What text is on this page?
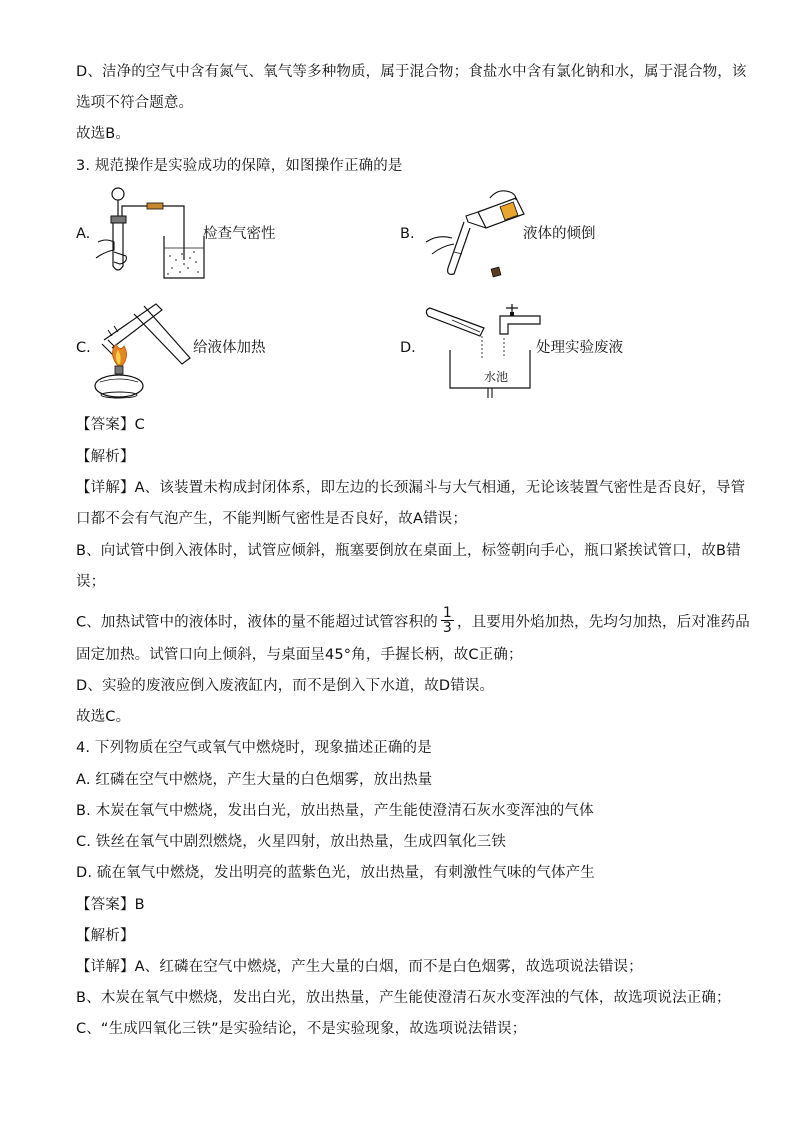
D、洁净的空气中含有氮气、氧气等多种物质，属于混合物；食盐水中含有氯化钠和水，属于混合物，该
选项不符合题意。
故选B。
3. 规范操作是实验成功的保障，如图操作正确的是
A.	检查气密性	B.	液体的倾倒
C.	给液体加热	D.
水池
处理实验废液
【答案】C
【解析】
【详解】A、该装置未构成封闭体系，即左边的长颈漏斗与大气相通，无论该装置气密性是否良好，导管
口都不会有气泡产生，不能判断气密性是否良好，故A错误；
B、向试管中倒入液体时，试管应倾斜，瓶塞要倒放在桌面上，标签朝向手心，瓶口紧挨试管口，故B错
误；
C、加热试管中的液体时，液体的量不能超过试管容积的 $\frac{1}{3}$ ，且要用外焰加热，先均匀加热，后对准药品
固定加热。试管口向上倾斜，与桌面呈45°角，手握长柄，故C正确；
D、实验的废液应倒入废液缸内，而不是倒入下水道，故D错误。
故选C。
4. 下列物质在空气或氧气中燃烧时，现象描述正确的是
A. 红磷在空气中燃烧，产生大量的白色烟雾，放出热量
B. 木炭在氧气中燃烧，发出白光，放出热量，产生能使澄清石灰水变浑浊的气体
C. 铁丝在氧气中剧烈燃烧，火星四射，放出热量，生成四氧化三铁
D. 硫在氧气中燃烧，发出明亮的蓝紫色光，放出热量，有刺激性气味的气体产生
【答案】B
【解析】
【详解】A、红磷在空气中燃烧，产生大量的白烟，而不是白色烟雾，故选项说法错误；
B、木炭在氧气中燃烧，发出白光，放出热量，产生能使澄清石灰水变浑浊的气体，故选项说法正确；
C、“生成四氧化三铁”是实验结论，不是实验现象，故选项说法错误；
